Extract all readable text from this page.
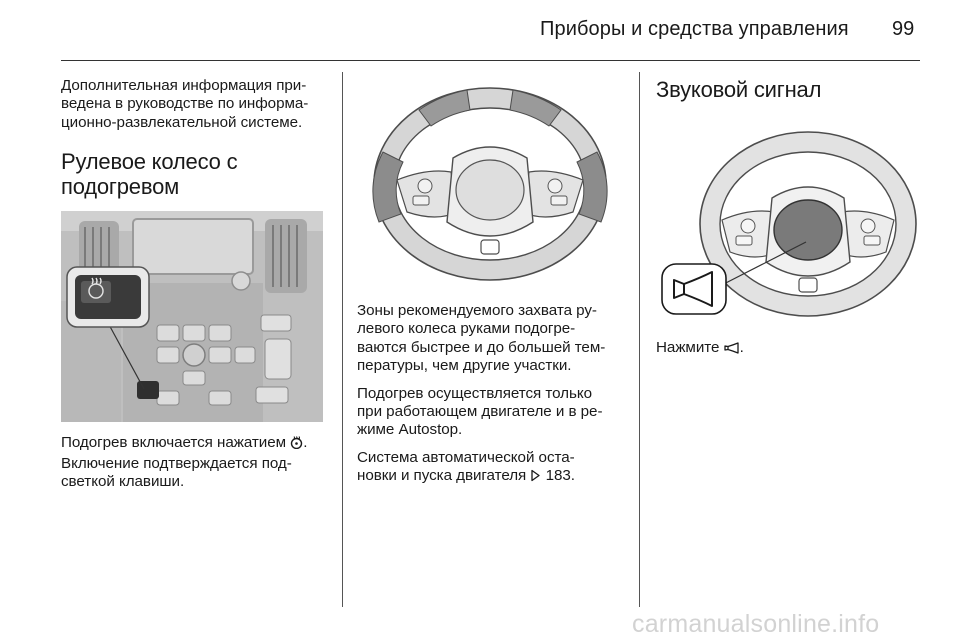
Приборы и средства управления 99

Дополнительная информация при-
ведена в руководстве по информа-
ционно-развлекательной системе.

Рулевое колесо с
подогревом

Подогрев включается нажатием .
Включение подтверждается под-
светкой клавиши.

Зоны рекомендуемого захвата ру-
левого колеса руками подогре-
ваются быстрее и до большей тем-
пературы, чем другие участки.

Подогрев осуществляется только
при работающем двигателе и в ре-
жиме Autostop.

Система автоматической оста-
новки и пуска двигателя 183.

Звуковой сигнал

Нажмите .

carmanualsonline.info
